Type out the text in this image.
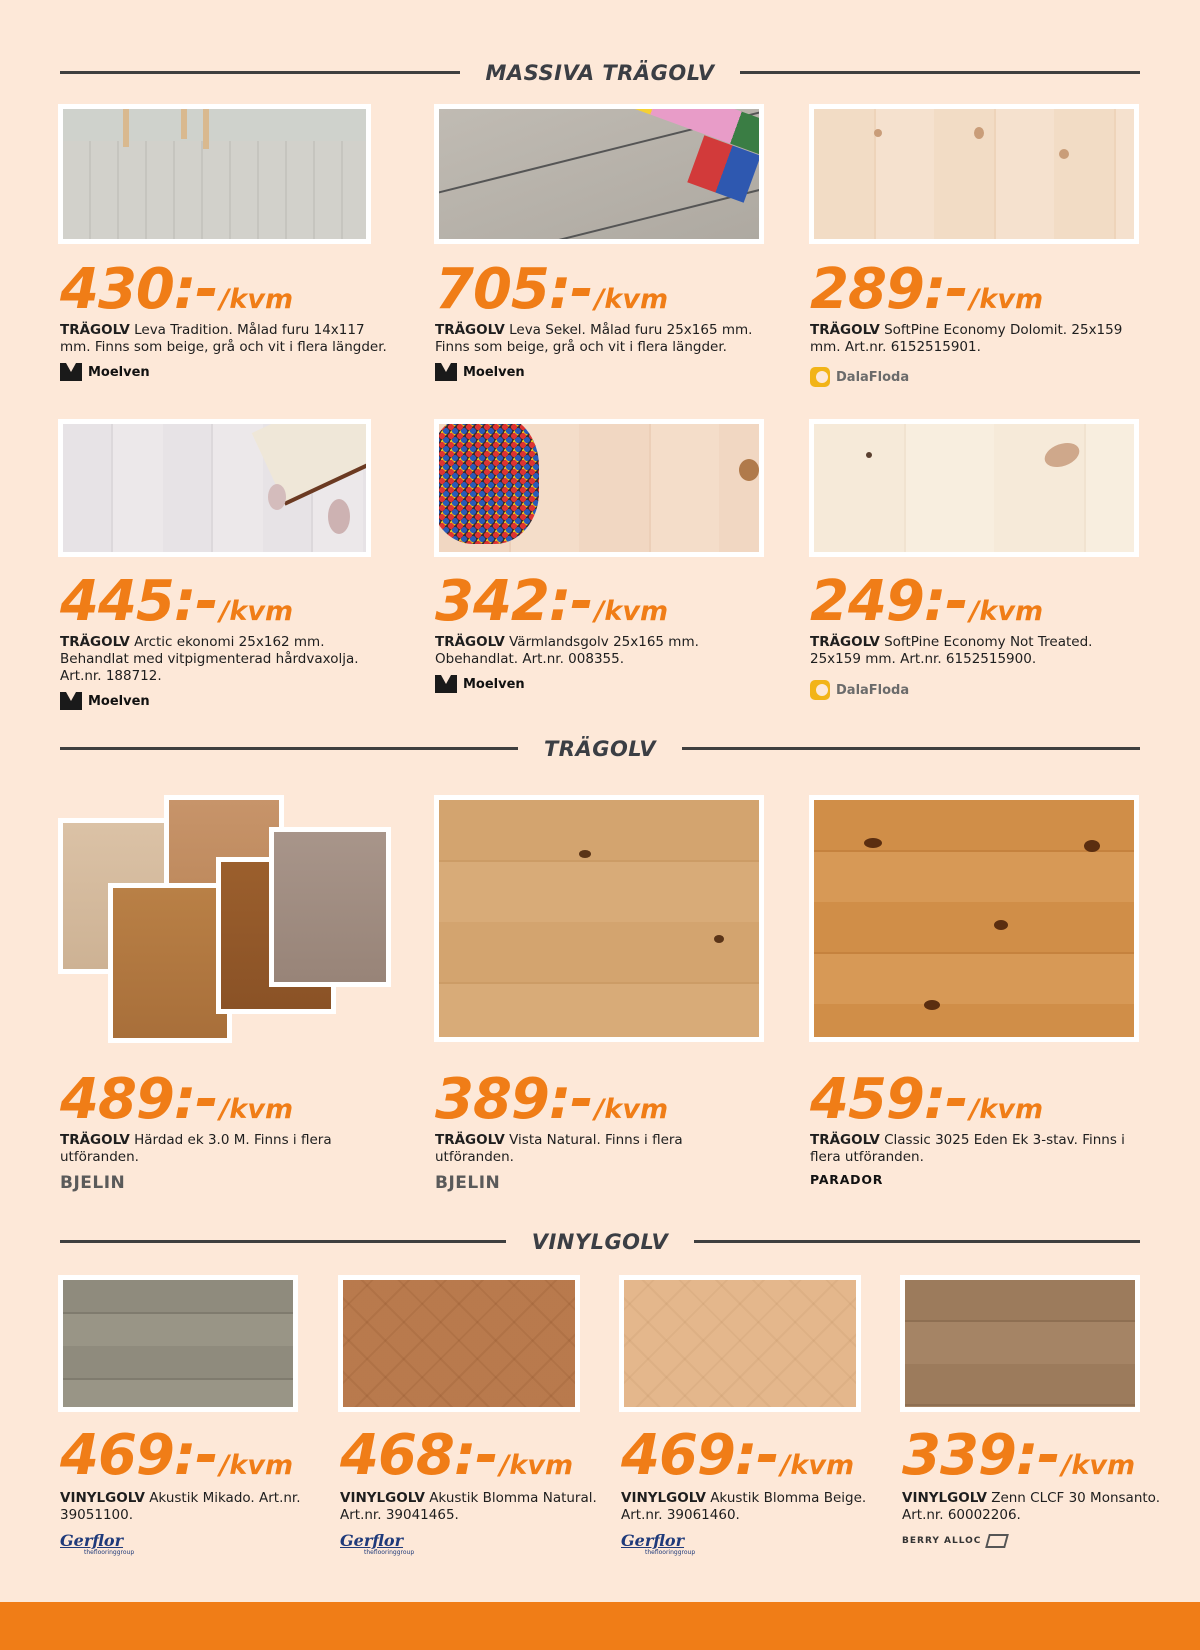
MASSIVA TRÄGOLV
430:-/kvm
TRÄGOLV Leva Tradition. Målad furu 14x117 mm. Finns som beige, grå och vit i flera längder.
Moelven
705:-/kvm
TRÄGOLV Leva Sekel. Målad furu 25x165 mm. Finns som beige, grå och vit i flera längder.
Moelven
289:-/kvm
TRÄGOLV SoftPine Economy Dolomit. 25x159 mm. Art.nr. 6152515901.
DalaFloda
445:-/kvm
TRÄGOLV Arctic ekonomi 25x162 mm. Behandlat med vitpigmenterad hårdvaxolja. Art.nr. 188712.
Moelven
342:-/kvm
TRÄGOLV Värmlandsgolv 25x165 mm. Obehandlat. Art.nr. 008355.
Moelven
249:-/kvm
TRÄGOLV SoftPine Economy Not Treated. 25x159 mm. Art.nr. 6152515900.
DalaFloda
TRÄGOLV
489:-/kvm
TRÄGOLV Härdad ek 3.0 M. Finns i flera utföranden.
BJELIN
389:-/kvm
TRÄGOLV Vista Natural. Finns i flera utföranden.
BJELIN
459:-/kvm
TRÄGOLV Classic 3025 Eden Ek 3-stav. Finns i flera utföranden.
PARADOR
VINYLGOLV
469:-/kvm
VINYLGOLV Akustik Mikado. Art.nr. 39051100.
Gerflor
theflooringgroup
468:-/kvm
VINYLGOLV Akustik Blomma Natural. Art.nr. 39041465.
Gerflor
theflooringgroup
469:-/kvm
VINYLGOLV Akustik Blomma Beige. Art.nr. 39061460.
Gerflor
theflooringgroup
339:-/kvm
VINYLGOLV Zenn CLCF 30 Monsanto. Art.nr. 60002206.
BERRY ALLOC
